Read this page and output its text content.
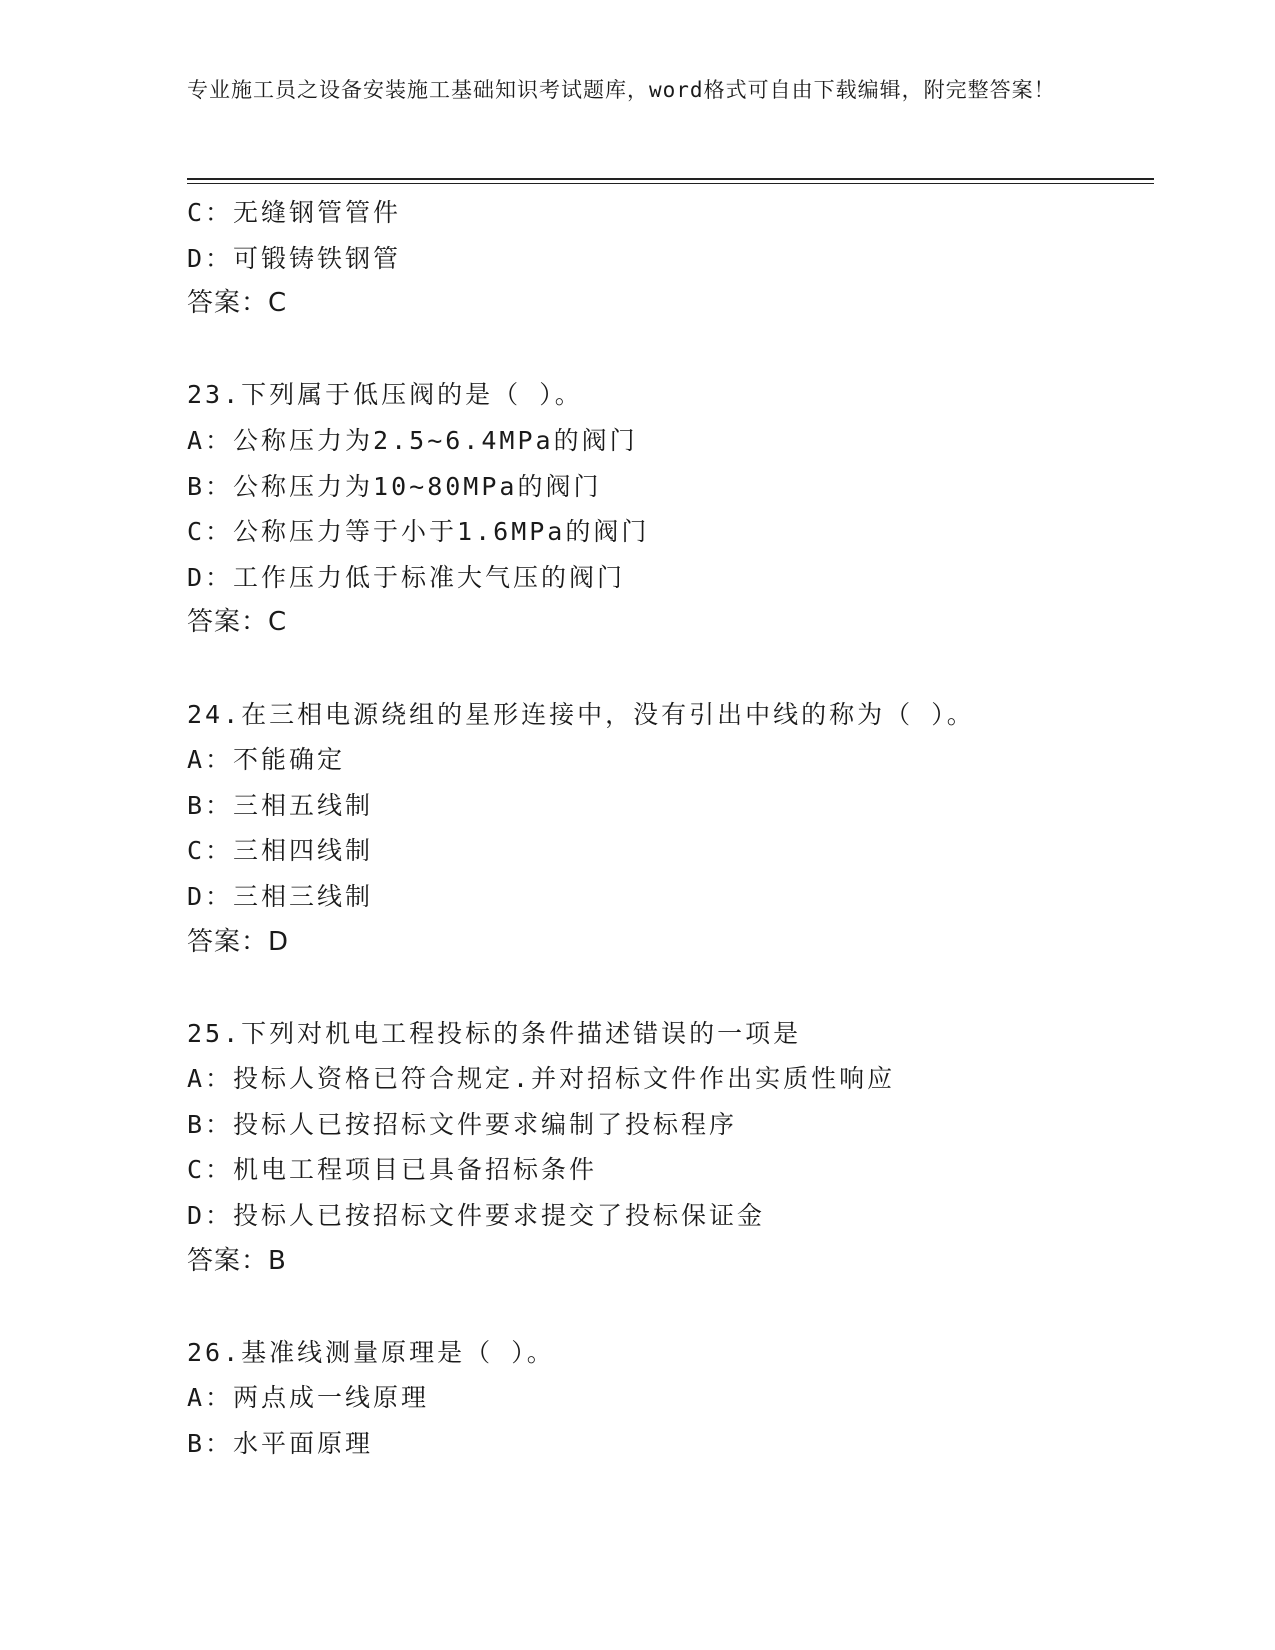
专业施工员之设备安装施工基础知识考试题库，word格式可自由下载编辑，附完整答案！
C：无缝钢管管件
D：可锻铸铁钢管
答案：C
23.下列属于低压阀的是（ ）。
A：公称压力为2.5~6.4MPa的阀门
B：公称压力为10~80MPa的阀门
C：公称压力等于小于1.6MPa的阀门
D：工作压力低于标准大气压的阀门
答案：C
24.在三相电源绕组的星形连接中，没有引出中线的称为（ ）。
A：不能确定
B：三相五线制
C：三相四线制
D：三相三线制
答案：D
25.下列对机电工程投标的条件描述错误的一项是
A：投标人资格已符合规定.并对招标文件作出实质性响应
B：投标人已按招标文件要求编制了投标程序
C：机电工程项目已具备招标条件
D：投标人已按招标文件要求提交了投标保证金
答案：B
26.基准线测量原理是（ ）。
A：两点成一线原理
B：水平面原理
